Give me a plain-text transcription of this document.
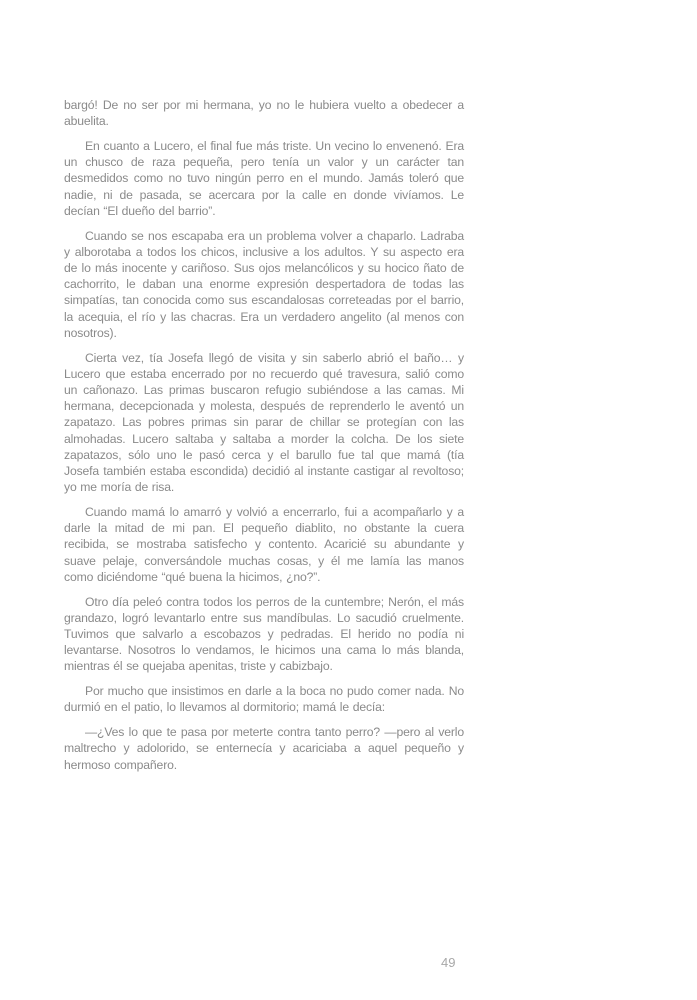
bargó! De no ser por mi hermana, yo no le hubiera vuelto a obedecer a abuelita.

En cuanto a Lucero, el final fue más triste. Un vecino lo envenenó. Era un chusco de raza pequeña, pero tenía un valor y un carácter tan desmedidos como no tuvo ningún perro en el mundo. Jamás toleró que nadie, ni de pasada, se acercara por la calle en donde vivíamos. Le decían “El dueño del barrio”.

Cuando se nos escapaba era un problema volver a chaparlo. Ladraba y alborotaba a todos los chicos, inclusive a los adultos. Y su aspecto era de lo más inocente y cariñoso. Sus ojos melancólicos y su hocico ñato de cachorrito, le daban una enorme expresión despertadora de todas las simpatías, tan conocida como sus escandalosas correteadas por el barrio, la acequia, el río y las chacras. Era un verdadero angelito (al menos con nosotros).

Cierta vez, tía Josefa llegó de visita y sin saberlo abrió el baño… y Lucero que estaba encerrado por no recuerdo qué travesura, salió como un cañonazo. Las primas buscaron refugio subiéndose a las camas. Mi hermana, decepcionada y molesta, después de reprenderlo le aventó un zapatazo. Las pobres primas sin parar de chillar se protegían con las almohadas. Lucero saltaba y saltaba a morder la colcha. De los siete zapatazos, sólo uno le pasó cerca y el barullo fue tal que mamá (tía Josefa también estaba escondida) decidió al instante castigar al revoltoso; yo me moría de risa.

Cuando mamá lo amarró y volvió a encerrarlo, fui a acompañarlo y a darle la mitad de mi pan. El pequeño diablito, no obstante la cuera recibida, se mostraba satisfecho y contento. Acaricié su abundante y suave pelaje, conversándole muchas cosas, y él me lamía las manos como diciéndome “qué buena la hicimos, ¿no?”.

Otro día peleó contra todos los perros de la cuntembre; Nerón, el más grandazo, logró levantarlo entre sus mandíbulas. Lo sacudió cruelmente. Tuvimos que salvarlo a escobazos y pedradas. El herido no podía ni levantarse. Nosotros lo vendamos, le hicimos una cama lo más blanda, mientras él se quejaba apenitas, triste y cabizbajo.

Por mucho que insistimos en darle a la boca no pudo comer nada. No durmió en el patio, lo llevamos al dormitorio; mamá le decía:

—¿Ves lo que te pasa por meterte contra tanto perro? —pero al verlo maltrecho y adolorido, se enternecía y acariciaba a aquel pequeño y hermoso compañero.

49
